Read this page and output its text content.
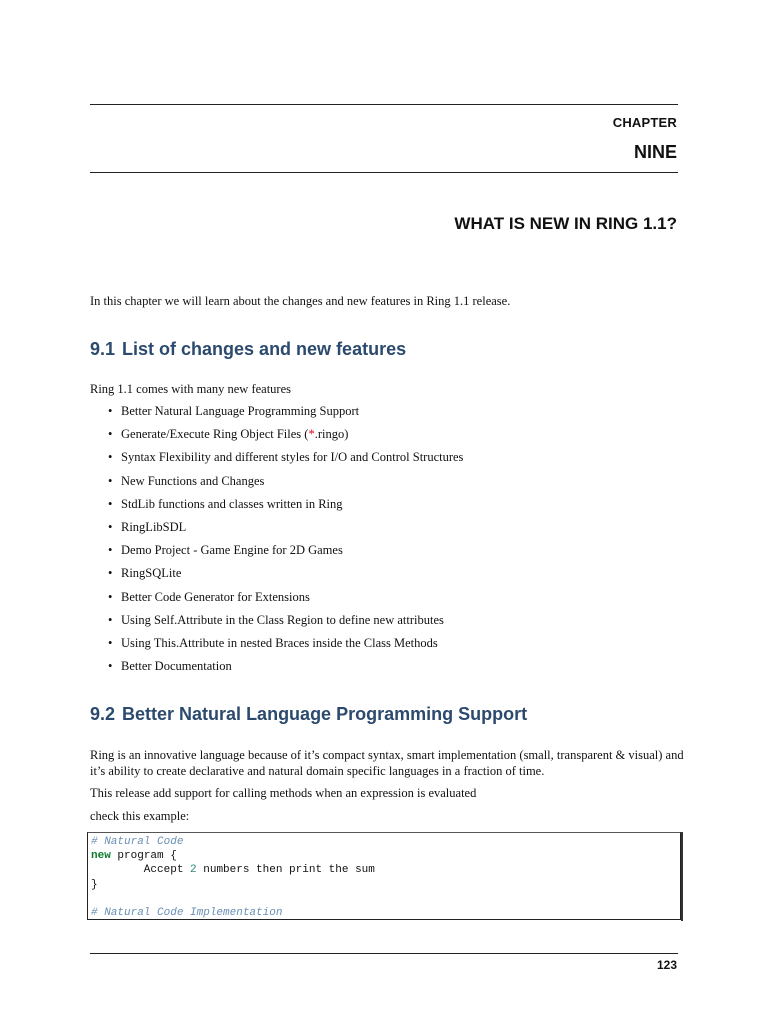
CHAPTER
NINE
WHAT IS NEW IN RING 1.1?
In this chapter we will learn about the changes and new features in Ring 1.1 release.
9.1 List of changes and new features
Ring 1.1 comes with many new features
• Better Natural Language Programming Support
• Generate/Execute Ring Object Files (*.ringo)
• Syntax Flexibility and different styles for I/O and Control Structures
• New Functions and Changes
• StdLib functions and classes written in Ring
• RingLibSDL
• Demo Project - Game Engine for 2D Games
• RingSQLite
• Better Code Generator for Extensions
• Using Self.Attribute in the Class Region to define new attributes
• Using This.Attribute in nested Braces inside the Class Methods
• Better Documentation
9.2 Better Natural Language Programming Support
Ring is an innovative language because of it’s compact syntax, smart implementation (small, transparent & visual) and
it’s ability to create declarative and natural domain specific languages in a fraction of time.
This release add support for calling methods when an expression is evaluated
check this example:
# Natural Code
new program {
Accept 2 numbers then print the sum
}

# Natural Code Implementation
123
